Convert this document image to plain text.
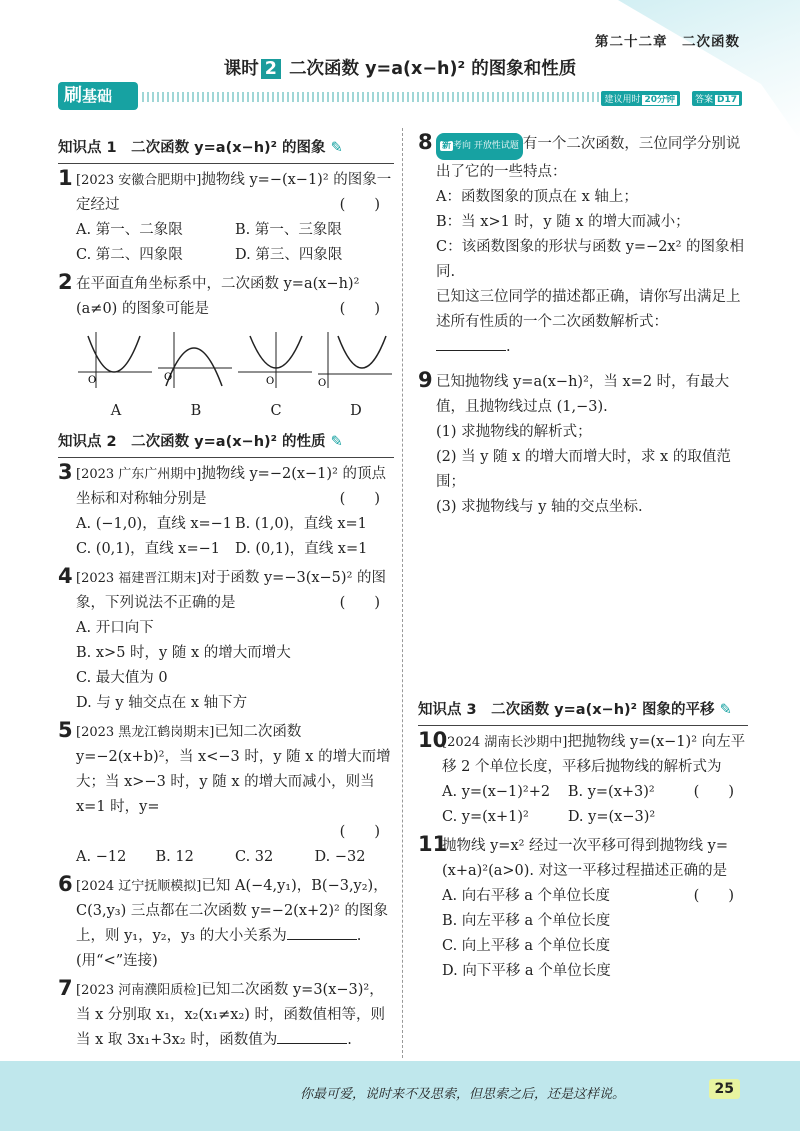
第二十二章　二次函数
课时 2 二次函数 y=a(x−h)² 的图象和性质
刷基础	建议用时 20分钟	答案 D17
知识点 1　二次函数 y=a(x−h)² 的图象 ✎
1 [2023 安徽合肥期中]抛物线 y=−(x−1)² 的图象一定经过	(　　)
A. 第一、二象限	B. 第一、三象限
C. 第二、四象限	D. 第三、四象限
2 在平面直角坐标系中，二次函数 y=a(x−h)²
(a≠0) 的图象可能是	(　　)
O
A
O
B
O
C
O
D
知识点 2　二次函数 y=a(x−h)² 的性质 ✎
3 [2023 广东广州期中]抛物线 y=−2(x−1)² 的顶点坐标和对称轴分别是	(　　)
A. (−1,0)，直线 x=−1 B. (1,0)，直线 x=1
C. (0,1)，直线 x=−1	D. (0,1)，直线 x=1
4 [2023 福建晋江期末]对于函数 y=−3(x−5)² 的图象，下列说法不正确的是	(　　)
A. 开口向下
B. x>5 时，y 随 x 的增大而增大
C. 最大值为 0
D. 与 y 轴交点在 x 轴下方
5 [2023 黑龙江鹤岗期末]已知二次函数 y=−2(x+b)²，当 x<−3 时，y 随 x 的增大而增大；当 x>−3 时，y 随 x 的增大而减小，则当 x=1 时，y=

(　　)

A. −12	B. 12	C. 32	D. −32
6 [2024 辽宁抚顺模拟]已知 A(−4,y₁)，B(−3,y₂)，C(3,y₃) 三点都在二次函数 y=−2(x+2)² 的图象上，则 y₁，y₂，y₃ 的大小关系为	.
(用“<”连接)
7 [2023 河南濮阳质检]已知二次函数 y=3(x−3)²，当 x 分别取 x₁，x₂(x₁≠x₂) 时，函数值相等，则当 x 取 3x₁+3x₂ 时，函数值为	.
8 新 考向 开放性试题 有一个二次函数，三位同学分别说出了它的一些特点：
A：函数图象的顶点在 x 轴上；
B：当 x>1 时，y 随 x 的增大而减小；
C：该函数图象的形状与函数 y=−2x² 的图象相同.
已知这三位同学的描述都正确，请你写出满足上述所有性质的一个二次函数解析式：
.
9 已知抛物线 y=a(x−h)²，当 x=2 时，有最大值，且抛物线过点 (1,−3).
(1) 求抛物线的解析式；
(2) 当 y 随 x 的增大而增大时，求 x 的取值范围；
(3) 求抛物线与 y 轴的交点坐标.
知识点 3　二次函数 y=a(x−h)² 图象的平移 ✎
10
[2024 湖南长沙期中]把抛物线 y=(x−1)² 向左平移 2 个单位长度，平移后抛物线的解析式为
(　　)
A. y=(x−1)²+2	B. y=(x+3)²
C. y=(x+1)²	D. y=(x−3)²
11
抛物线 y=x² 经过一次平移可得到抛物线 y=(x+a)²(a>0). 对这一平移过程描述正确的是
(　　)
A. 向右平移 a 个单位长度
B. 向左平移 a 个单位长度
C. 向上平移 a 个单位长度
D. 向下平移 a 个单位长度
你最可爱，说时来不及思索，但思索之后，还是这样说。	25
